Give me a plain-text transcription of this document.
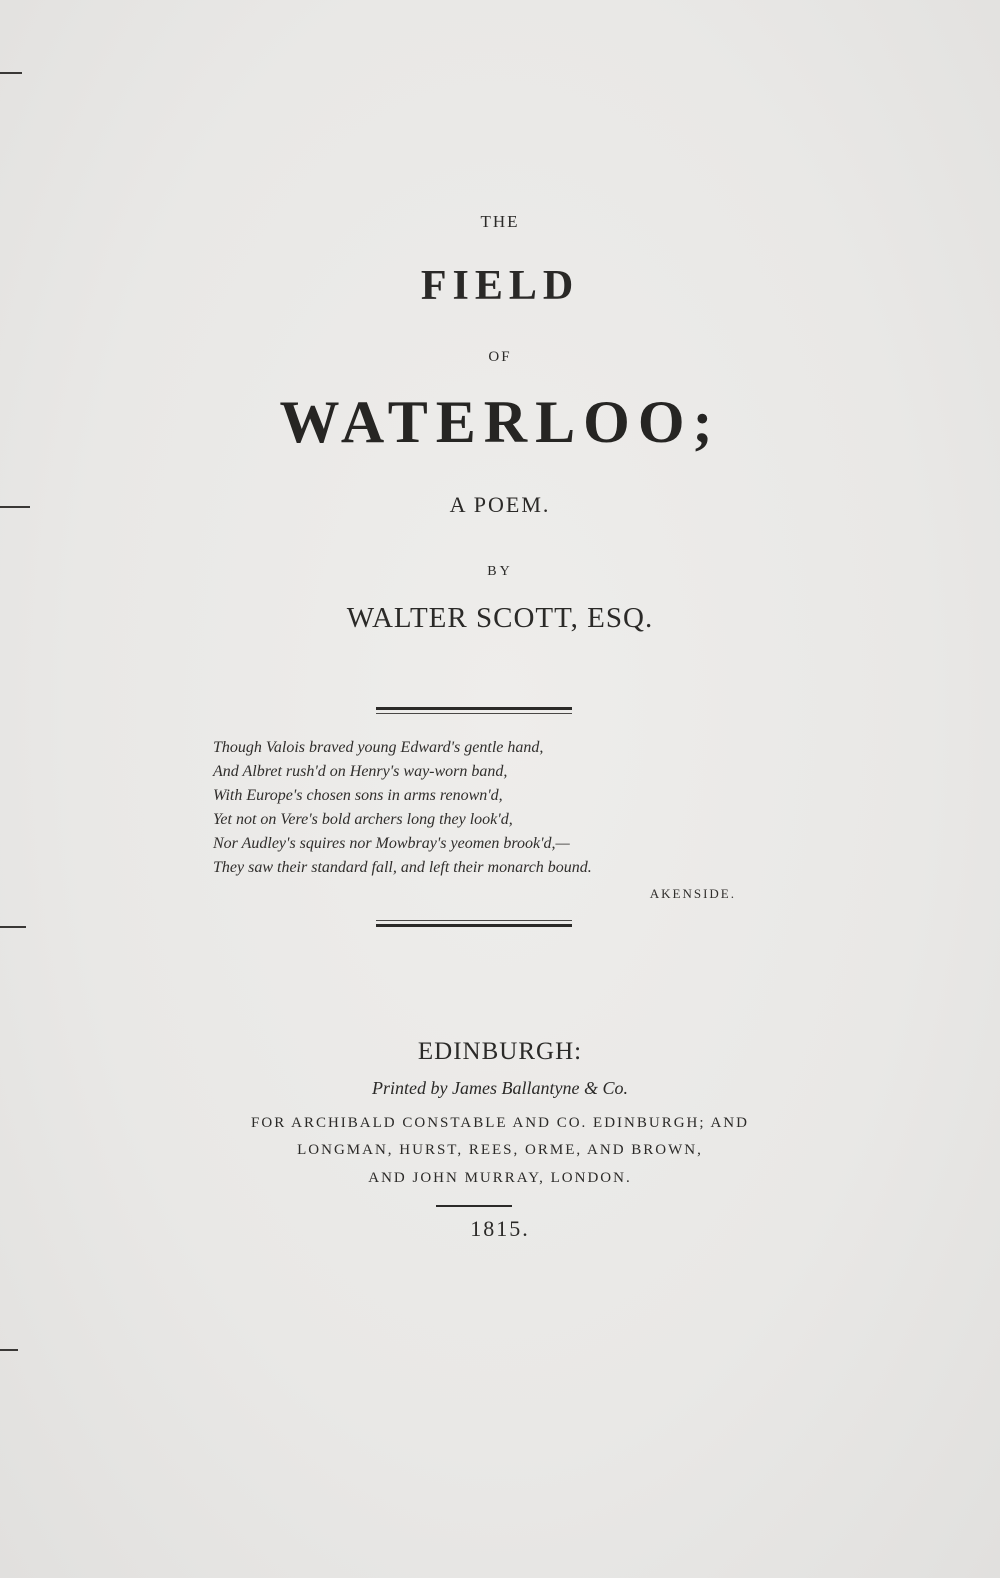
THE
FIELD
OF
WATERLOO;
A POEM.
BY
WALTER SCOTT, ESQ.
Though Valois braved young Edward's gentle hand,
And Albret rush'd on Henry's way-worn band,
With Europe's chosen sons in arms renown'd,
Yet not on Vere's bold archers long they look'd,
Nor Audley's squires nor Mowbray's yeomen brook'd,—
They saw their standard fall, and left their monarch bound.
AKENSIDE.
EDINBURGH:
Printed by James Ballantyne & Co.
FOR ARCHIBALD CONSTABLE AND CO. EDINBURGH; AND
LONGMAN, HURST, REES, ORME, AND BROWN,
AND JOHN MURRAY, LONDON.
1815.
